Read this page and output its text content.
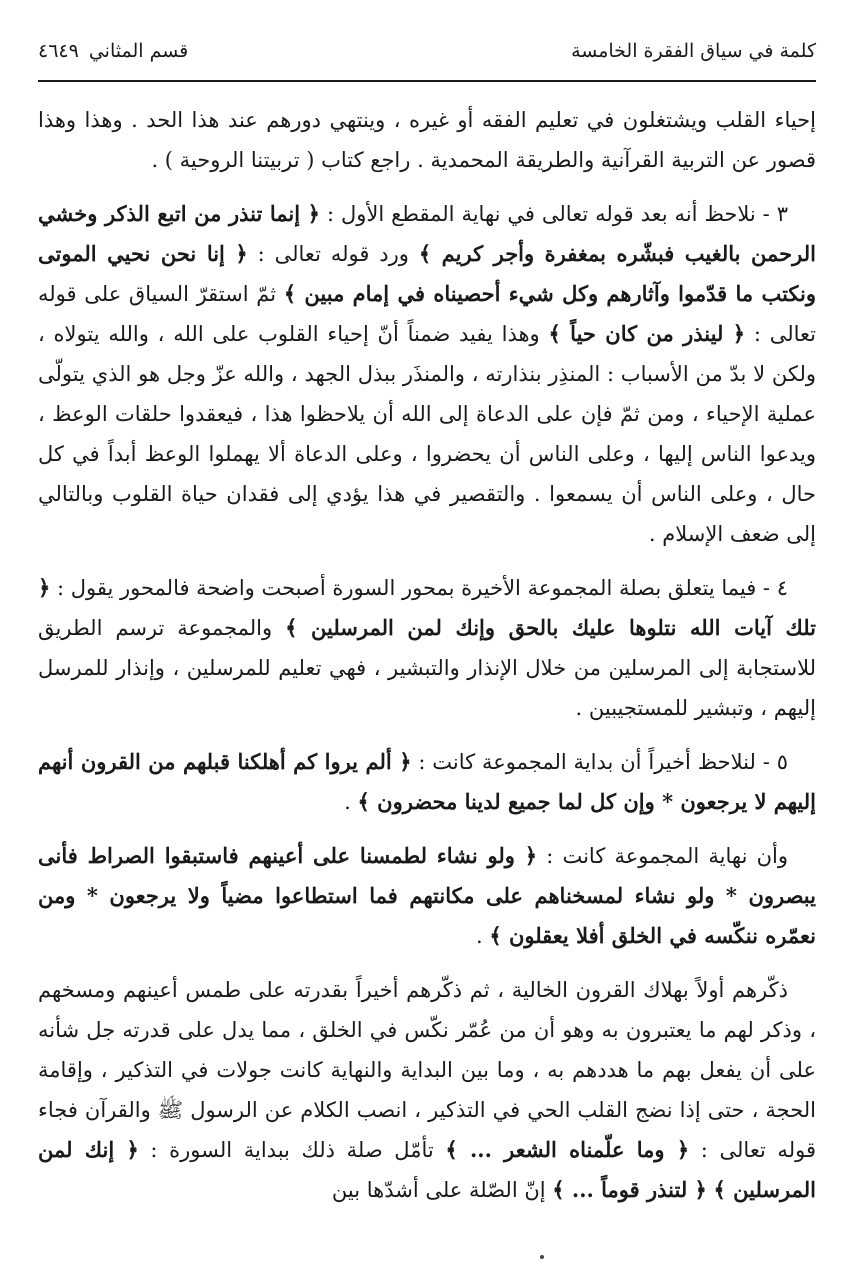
كلمة في سياق الفقرة الخامسة
قسم المثاني
٤٦٤٩

إحياء القلب ويشتغلون في تعليم الفقه أو غيره ، وينتهي دورهم عند هذا الحد . وهذا وهذا قصور عن التربية القرآنية والطريقة المحمدية . راجع كتاب ( تربيتنا الروحية ) .

٣ - نلاحظ أنه بعد قوله تعالى في نهاية المقطع الأول : ﴿ إنما تنذر من اتبع الذكر وخشي الرحمن بالغيب فبشّره بمغفرة وأجر كريم ﴾ ورد قوله تعالى : ﴿ إنا نحن نحيي الموتى ونكتب ما قدّموا وآثارهم وكل شيء أحصيناه في إمام مبين ﴾ ثمّ استقرّ السياق على قوله تعالى : ﴿ لينذر من كان حياً ﴾ وهذا يفيد ضمناً أنّ إحياء القلوب على الله ، والله يتولاه ، ولكن لا بدّ من الأسباب : المنذِر بنذارته ، والمنذَر ببذل الجهد ، والله عزّ وجل هو الذي يتولّى عملية الإحياء ، ومن ثمّ فإن على الدعاة إلى الله أن يلاحظوا هذا ، فيعقدوا حلقات الوعظ ، ويدعوا الناس إليها ، وعلى الناس أن يحضروا ، وعلى الدعاة ألا يهملوا الوعظ أبداً في كل حال ، وعلى الناس أن يسمعوا . والتقصير في هذا يؤدي إلى فقدان حياة القلوب وبالتالي إلى ضعف الإسلام .

٤ - فيما يتعلق بصلة المجموعة الأخيرة بمحور السورة أصبحت واضحة فالمحور يقول : ﴿ تلك آيات الله نتلوها عليك بالحق وإنك لمن المرسلين ﴾ والمجموعة ترسم الطريق للاستجابة إلى المرسلين من خلال الإنذار والتبشير ، فهي تعليم للمرسلين ، وإنذار للمرسل إليهم ، وتبشير للمستجيبين .

٥ - لنلاحظ أخيراً أن بداية المجموعة كانت : ﴿ ألم يروا كم أهلكنا قبلهم من القرون أنهم إليهم لا يرجعون * وإن كل لما جميع لدينا محضرون ﴾ .

وأن نهاية المجموعة كانت : ﴿ ولو نشاء لطمسنا على أعينهم فاستبقوا الصراط فأنى يبصرون * ولو نشاء لمسخناهم على مكانتهم فما استطاعوا مضياً ولا يرجعون * ومن نعمّره ننكّسه في الخلق أفلا يعقلون ﴾ .

ذكّرهم أولاً بهلاك القرون الخالية ، ثم ذكّرهم أخيراً بقدرته على طمس أعينهم ومسخهم ، وذكر لهم ما يعتبرون به وهو أن من عُمّر نكّس في الخلق ، مما يدل على قدرته جل شأنه على أن يفعل بهم ما هددهم به ، وما بين البداية والنهاية كانت جولات في التذكير ، وإقامة الحجة ، حتى إذا نضج القلب الحي في التذكير ، انصب الكلام عن الرسول ﷺ والقرآن فجاء قوله تعالى : ﴿ وما علّمناه الشعر ... ﴾ تأمّل صلة ذلك ببداية السورة : ﴿ إنك لمن المرسلين ﴾ ﴿ لتنذر قوماً ... ﴾ إنّ الصّلة على أشدّها بين
